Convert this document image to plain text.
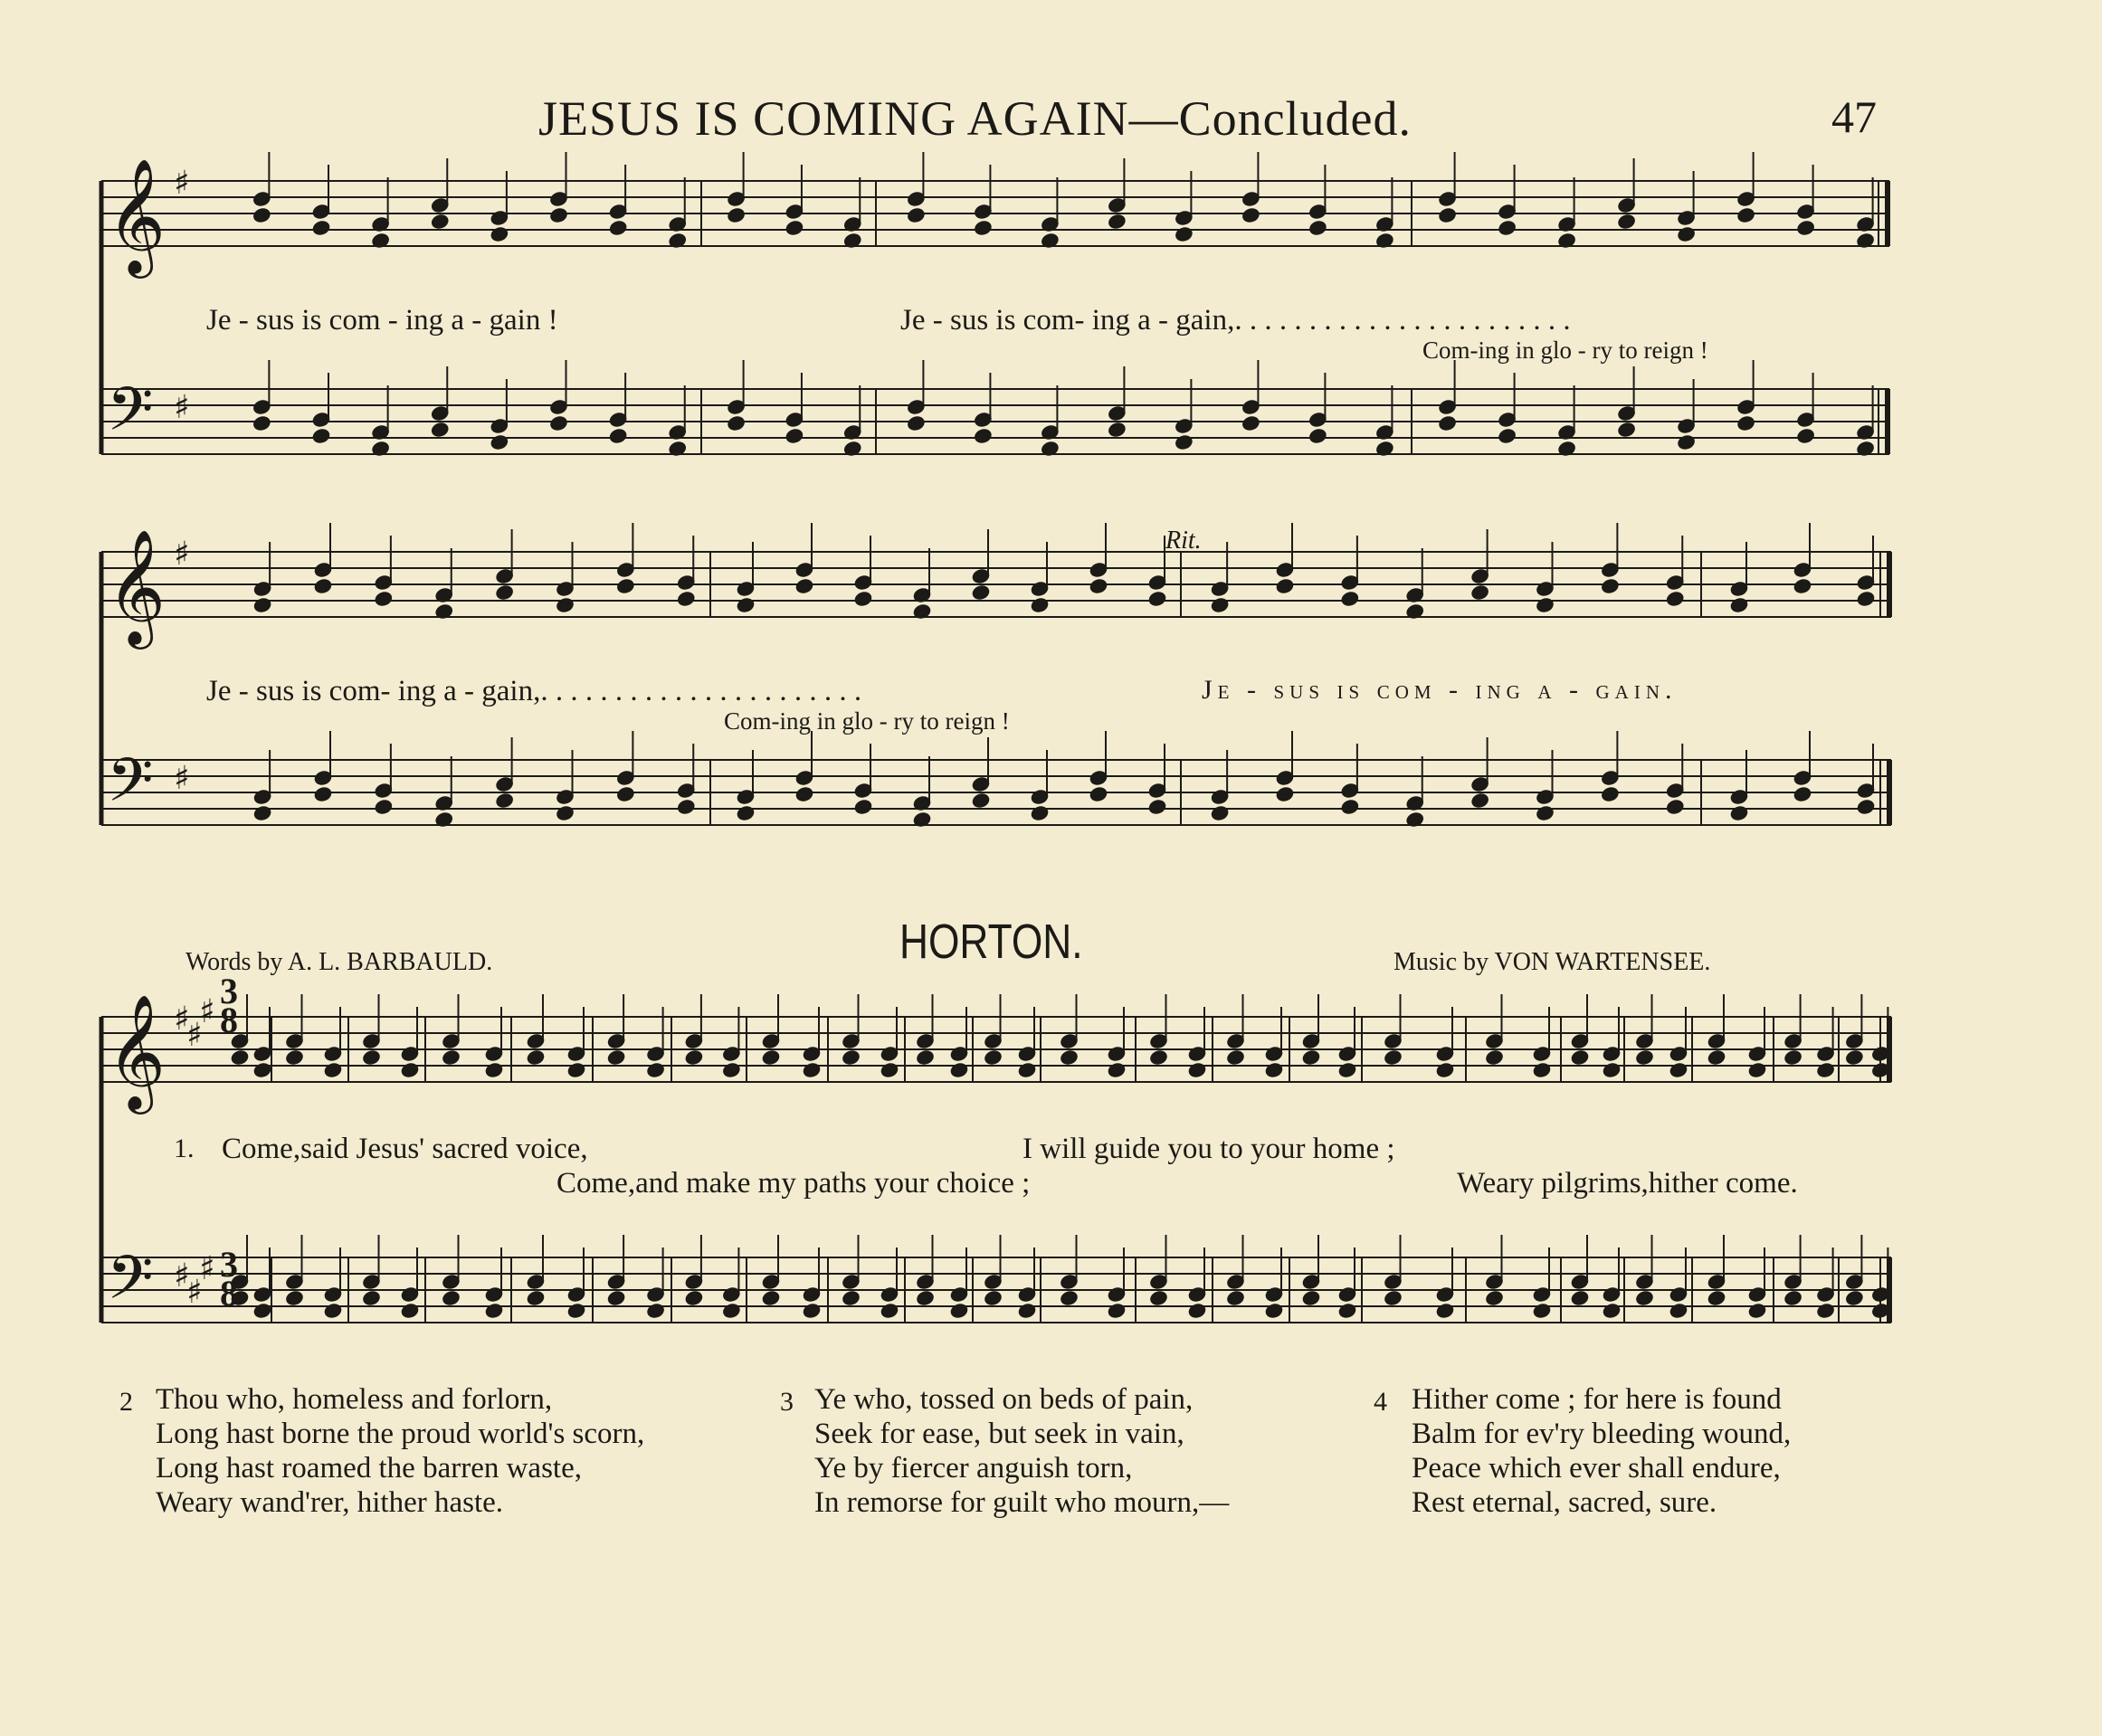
JESUS IS COMING AGAIN—Concluded.	47
𝄞 ♯
𝄢 ♯
𝄞 ♯
𝄢 ♯
𝄞 ♯
♯
♯
𝄢 ♯
♯
♯
Je - sus is com - ing a - gain !	Je - sus is com- ing a - gain,. . . . . . . . . . . . . . . . . . . . . . .
Com-ing in glo - ry to reign !
Rit.
Je - sus is com- ing a - gain,. . . . . . . . . . . . . . . . . . . . . .
Com-ing in glo - ry to reign !
Je - sus is com - ing a - gain.
HORTON.
Words by A. L. BARBAULD.	Music by VON WARTENSEE.
1. Come,said Jesus' sacred voice,
Come,and make my paths your choice ;
I will guide you to your home ;
Weary pilgrims,hither come.
2 Thou who, homeless and forlorn,
Long hast borne the proud world's scorn,
Long hast roamed the barren waste,
Weary wand'rer, hither haste.
3 Ye who, tossed on beds of pain,
Seek for ease, but seek in vain,
Ye by fiercer anguish torn,
In remorse for guilt who mourn,—
4 Hither come ; for here is found
Balm for ev'ry bleeding wound,
Peace which ever shall endure,
Rest eternal, sacred, sure.
3
8
3
8
